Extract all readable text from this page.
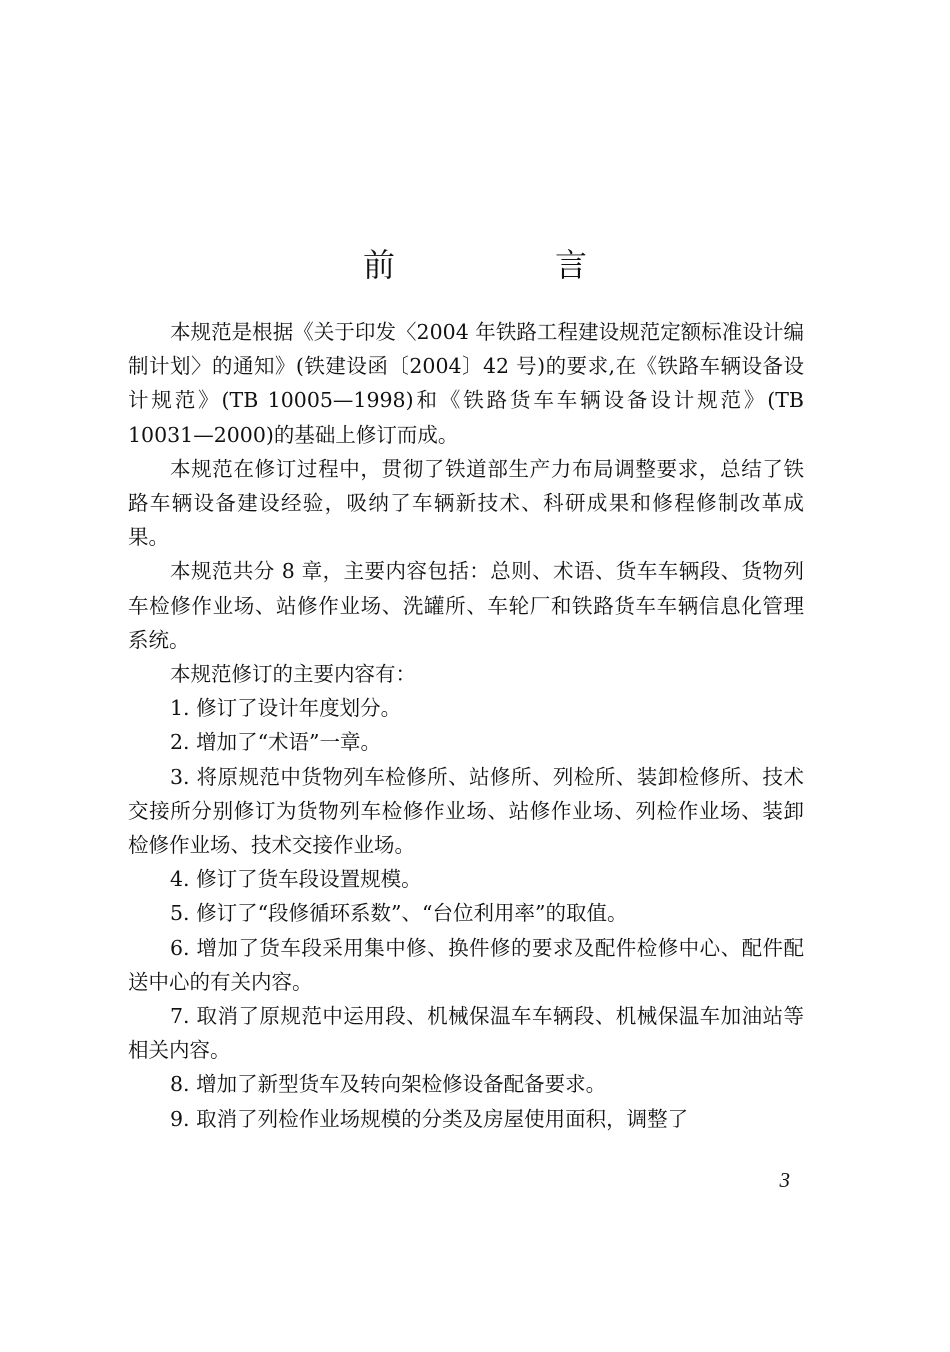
前　言

本规范是根据《关于印发〈2004 年铁路工程建设规范定额标准设计编制计划〉的通知》(铁建设函〔2004〕42 号)的要求,在《铁路车辆设备设计规范》(TB 10005—1998)和《铁路货车车辆设备设计规范》(TB 10031—2000)的基础上修订而成。

本规范在修订过程中，贯彻了铁道部生产力布局调整要求，总结了铁路车辆设备建设经验，吸纳了车辆新技术、科研成果和修程修制改革成果。

本规范共分 8 章，主要内容包括：总则、术语、货车车辆段、货物列车检修作业场、站修作业场、洗罐所、车轮厂和铁路货车车辆信息化管理系统。

本规范修订的主要内容有：

1. 修订了设计年度划分。

2. 增加了“术语”一章。

3. 将原规范中货物列车检修所、站修所、列检所、装卸检修所、技术交接所分别修订为货物列车检修作业场、站修作业场、列检作业场、装卸检修作业场、技术交接作业场。

4. 修订了货车段设置规模。

5. 修订了“段修循环系数”、“台位利用率”的取值。

6. 增加了货车段采用集中修、换件修的要求及配件检修中心、配件配送中心的有关内容。

7. 取消了原规范中运用段、机械保温车车辆段、机械保温车加油站等相关内容。

8. 增加了新型货车及转向架检修设备配备要求。

9. 取消了列检作业场规模的分类及房屋使用面积，调整了

3
